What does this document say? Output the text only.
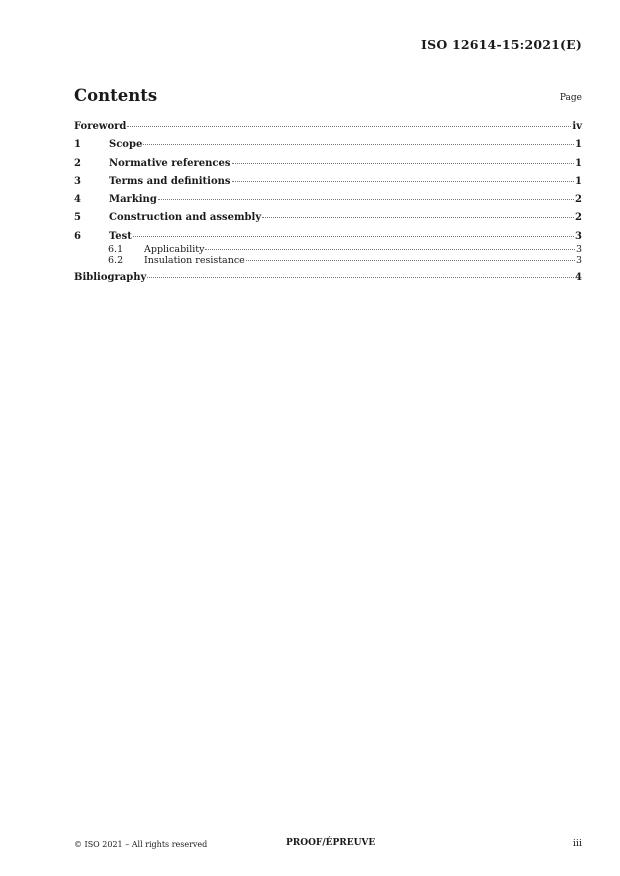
ISO 12614-15:2021(E)
Contents	Page
Foreword	iv
1	Scope	1
2	Normative references	1
3	Terms and definitions	1
4	Marking	2
5	Construction and assembly	2
6	Test	3
6.1	Applicability	3
6.2	Insulation resistance	3
Bibliography	4
© ISO 2021 – All rights reserved	PROOF/ÉPREUVE	iii
